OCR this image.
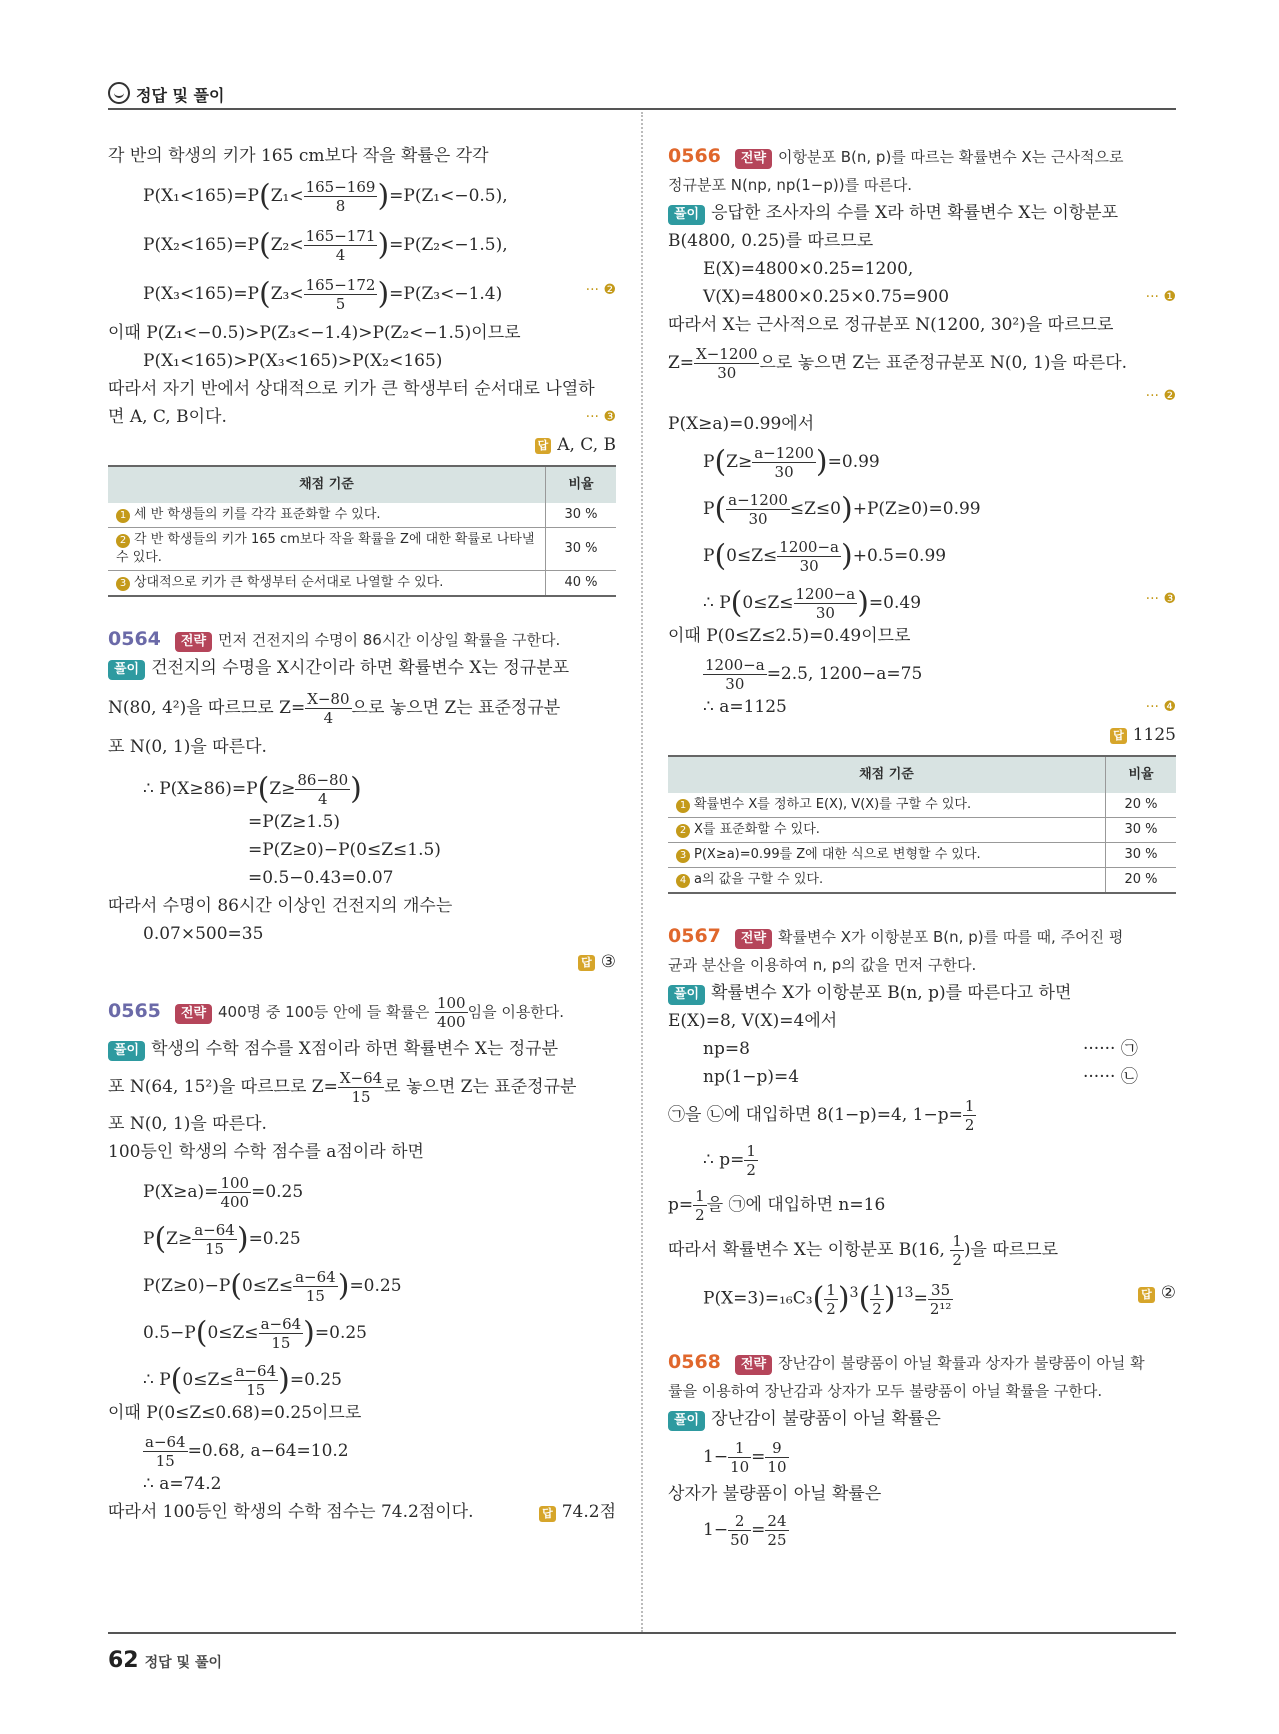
정답 및 풀이
각 반의 학생의 키가 165 cm보다 작을 확률은 각각
$P(X_1<165)=P(Z_1< \frac{165-169}{8} )=P(Z_1<-0.5)$,
$P(X_2<165)=P(Z_2< \frac{165-171}{4} )=P(Z_2<-1.5)$,
$P(X_3<165)=P(Z_3< \frac{165-172}{5} )=P(Z_3<-1.4)$	··· ❷
이때 P(Z₁<−0.5)>P(Z₃<−1.4)>P(Z₂<−1.5)이므로
P(X₁<165)>P(X₃<165)>P(X₂<165)
따라서 자기 반에서 상대적으로 키가 큰 학생부터 순서대로 나열하
면 A, C, B이다.	··· ❸
답 A, C, B
채점 기준	비율
1 세 반 학생들의 키를 각각 표준화할 수 있다.	30 %
2 각 반 학생들의 키가 165 cm보다 작을 확률을 Z에 대한 확률로 나타낼 수 있다.	30 %
3 상대적으로 키가 큰 학생부터 순서대로 나열할 수 있다.	40 %
0564 전략 먼저 건전지의 수명이 86시간 이상일 확률을 구한다.
풀이 건전지의 수명을 X시간이라 하면 확률변수 X는 정규분포
N(80, 4²)을 따르므로 $Z= \frac{X-80}{4}$ 으로 놓으면 Z는 표준정규분
포 N(0, 1)을 따른다.
∴ $P(X\ge 86)=P(Z\ge \frac{86-80}{4}$ )
=P(Z≥1.5)
=P(Z≥0)−P(0≤Z≤1.5)
=0.5−0.43=0.07
따라서 수명이 86시간 이상인 건전지의 개수는
0.07×500=35
답 ③
0565 전략 400명 중 100등 안에 들 확률은 $\frac{100}{400}$ 임을 이용한다.
풀이 학생의 수학 점수를 X점이라 하면 확률변수 X는 정규분
포 N(64, 15²)을 따르므로 $Z= \frac{X-64}{15}$ 로 놓으면 Z는 표준정규분
포 N(0, 1)을 따른다.
100등인 학생의 수학 점수를 a점이라 하면
$P(X\ge a)= \frac{100}{400} =0.25$
$P(Z\ge \frac{a-64}{15} )=0.25$
$P(Z\ge 0)-P(0\le Z\le \frac{a-64}{15} )=0.25$
$0.5-P(0\le Z\le \frac{a-64}{15} )=0.25$
∴ $P(0\le Z\le \frac{a-64}{15} )=0.25$
이때 P(0≤Z≤0.68)=0.25이므로
$\frac{a-64}{15} =0.68$, a−64=10.2
∴ a=74.2
따라서 100등인 학생의 수학 점수는 74.2점이다.	답 74.2점
0566 전략 이항분포 B(n, p)를 따르는 확률변수 X는 근사적으로
정규분포 N(np, np(1−p))를 따른다.
풀이 응답한 조사자의 수를 X라 하면 확률변수 X는 이항분포
B(4800, 0.25)를 따르므로
E(X)=4800×0.25=1200,
V(X)=4800×0.25×0.75=900	··· ❶
따라서 X는 근사적으로 정규분포 N(1200, 30²)을 따르므로
$Z= \frac{X-1200}{30}$ 으로 놓으면 Z는 표준정규분포 N(0, 1)을 따른다.
··· ❷
P(X≥a)=0.99에서
$P(Z\ge \frac{a-1200}{30} )=0.99$
$P( \frac{a-1200}{30} \le Z\le 0)+P(Z\ge 0)=0.99$
$P(0\le Z\le \frac{1200-a}{30} )+0.5=0.99$
∴ $P(0\le Z\le \frac{1200-a}{30} )=0.49$	··· ❸
이때 P(0≤Z≤2.5)=0.49이므로
$\frac{1200-a}{30} =2.5$, 1200−a=75
∴ a=1125	··· ❹
답 1125
채점 기준	비율
1 확률변수 X를 정하고 E(X), V(X)를 구할 수 있다.	20 %
2 X를 표준화할 수 있다.	30 %
3 P(X≥a)=0.99를 Z에 대한 식으로 변형할 수 있다.	30 %
4 a의 값을 구할 수 있다.	20 %
0567 전략 확률변수 X가 이항분포 B(n, p)를 따를 때, 주어진 평
균과 분산을 이용하여 n, p의 값을 먼저 구한다.
풀이 확률변수 X가 이항분포 B(n, p)를 따른다고 하면
E(X)=8, V(X)=4에서
np=8	······ ㉠
np(1−p)=4	······ ㉡
㉠을 ㉡에 대입하면 8(1−p)=4, $1-p= \frac{1}{2}$
∴ $p= \frac{1}{2}$
$p= \frac{1}{2}$ 을 ㉠에 대입하면 n=16
따라서 확률변수 X는 이항분포 B(16, $\frac{1}{2}$ )을 따르므로
$P(X=3)=_{16}C_3( \frac{1}{2} )^3( \frac{1}{2} )^{13}= \frac{35}{\text{2¹²}}$	답 ②
0568 전략 장난감이 불량품이 아닐 확률과 상자가 불량품이 아닐 확
률을 이용하여 장난감과 상자가 모두 불량품이 아닐 확률을 구한다.
풀이 장난감이 불량품이 아닐 확률은
$1- \frac{1}{10} = \frac{9}{10}$
상자가 불량품이 아닐 확률은
$1- \frac{2}{50} = \frac{24}{25}$
62 정답 및 풀이
